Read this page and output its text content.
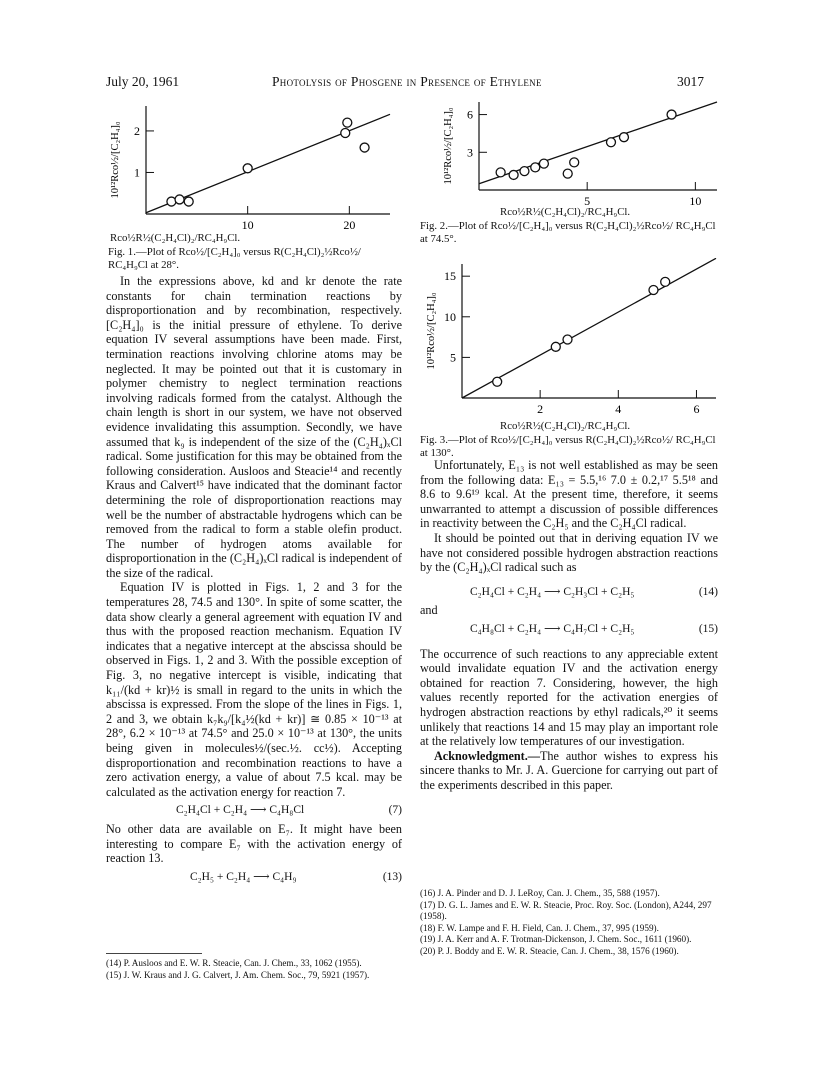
July 20, 1961	Photolysis of Phosgene in Presence of Ethylene	3017
10	20
1
2
10¹²Rco½/[C₂H₄]₀
Rco½R½(C₂H₄Cl)₂/RC₄H₉Cl.
Fig. 1.—Plot of Rco½/[C₂H₄]₀ versus R(C₂H₄Cl)₂½Rco½/ RC₄H₉Cl at 28°.
5	10
3
6
10¹²Rco½/[C₂H₄]₀
Rco½R½(C₂H₄Cl)₂/RC₄H₉Cl.
Fig. 2.—Plot of Rco½/[C₂H₄]₀ versus R(C₂H₄Cl)₂½Rco½/ RC₄H₉Cl at 74.5°.
2	4	6
5
10
15
10¹²Rco½/[C₂H₄]₀
Rco½R½(C₂H₄Cl)₂/RC₄H₉Cl.
Fig. 3.—Plot of Rco½/[C₂H₄]₀ versus R(C₂H₄Cl)₂½Rco½/ RC₄H₉Cl at 130°.

In the expressions above, kd and kr denote the rate constants for chain termination reactions by disproportionation and by recombination, respectively. [C₂H₄]₀ is the initial pressure of ethylene. To derive equation IV several assumptions have been made. First, termination reactions involving chlorine atoms may be neglected. It may be pointed out that it is customary in polymer chemistry to neglect termination reactions involving radicals formed from the catalyst. Although the chain length is short in our system, we have not observed evidence invalidating this assumption. Secondly, we have assumed that k₉ is independent of the size of the (C₂H₄)ₓCl radical. Some justification for this may be obtained from the following consideration. Ausloos and Steacie¹⁴ and recently Kraus and Calvert¹⁵ have indicated that the dominant factor determining the role of disproportionation reactions may well be the number of abstractable hydrogens which can be removed from the radical to form a stable olefin product. The number of hydrogen atoms available for disproportionation in the (C₂H₄)ₓCl radical is independent of the size of the radical.

Equation IV is plotted in Figs. 1, 2 and 3 for the temperatures 28, 74.5 and 130°. In spite of some scatter, the data show clearly a general agreement with equation IV and thus with the proposed reaction mechanism. Equation IV indicates that a negative intercept at the abscissa should be observed in Figs. 1, 2 and 3. With the possible exception of Fig. 3, no negative intercept is visible, indicating that k₁₁/(kd + kr)½ is small in regard to the units in which the abscissa is expressed. From the slope of the lines in Figs. 1, 2 and 3, we obtain k₇k₉/[k₄½(kd + kr)] ≅ 0.85 × 10⁻¹³ at 28°, 6.2 × 10⁻¹³ at 74.5° and 25.0 × 10⁻¹³ at 130°, the units being given in molecules½/(sec.½. cc½). Accepting disproportionation and recombination reactions to have a zero activation energy, a value of about 7.5 kcal. may be calculated as the activation energy for reaction 7.

C₂H₄Cl + C₂H₄ ⟶ C₄H₈Cl	(7)

No other data are available on E₇. It might have been interesting to compare E₇ with the activation energy of reaction 13.

C₂H₅ + C₂H₄ ⟶ C₄H₉	(13)
(14) P. Ausloos and E. W. R. Steacie, Can. J. Chem., 33, 1062 (1955).
(15) J. W. Kraus and J. G. Calvert, J. Am. Chem. Soc., 79, 5921 (1957).

Unfortunately, E₁₃ is not well established as may be seen from the following data: E₁₃ = 5.5,¹⁶ 7.0 ± 0.2,¹⁷ 5.5¹⁸ and 8.6 to 9.6¹⁹ kcal. At the present time, therefore, it seems unwarranted to attempt a discussion of possible differences in reactivity between the C₂H₅ and the C₂H₄Cl radical.

It should be pointed out that in deriving equation IV we have not considered possible hydrogen abstraction reactions by the (C₂H₄)ₓCl radical such as

C₂H₄Cl + C₂H₄ ⟶ C₂H₃Cl + C₂H₅	(14)

and

C₄H₈Cl + C₂H₄ ⟶ C₄H₇Cl + C₂H₅	(15)

The occurrence of such reactions to any appreciable extent would invalidate equation IV and the activation energy obtained for reaction 7. Considering, however, the high values recently reported for the activation energies of hydrogen abstraction reactions by ethyl radicals,²⁰ it seems unlikely that reactions 14 and 15 may play an important role at the relatively low temperatures of our investigation.

Acknowledgment.—The author wishes to express his sincere thanks to Mr. J. A. Guercione for carrying out part of the experiments described in this paper.

(16) J. A. Pinder and D. J. LeRoy, Can. J. Chem., 35, 588 (1957).
(17) D. G. L. James and E. W. R. Steacie, Proc. Roy. Soc. (London), A244, 297 (1958).
(18) F. W. Lampe and F. H. Field, Can. J. Chem., 37, 995 (1959).
(19) J. A. Kerr and A. F. Trotman-Dickenson, J. Chem. Soc., 1611 (1960).
(20) P. J. Boddy and E. W. R. Steacie, Can. J. Chem., 38, 1576 (1960).
